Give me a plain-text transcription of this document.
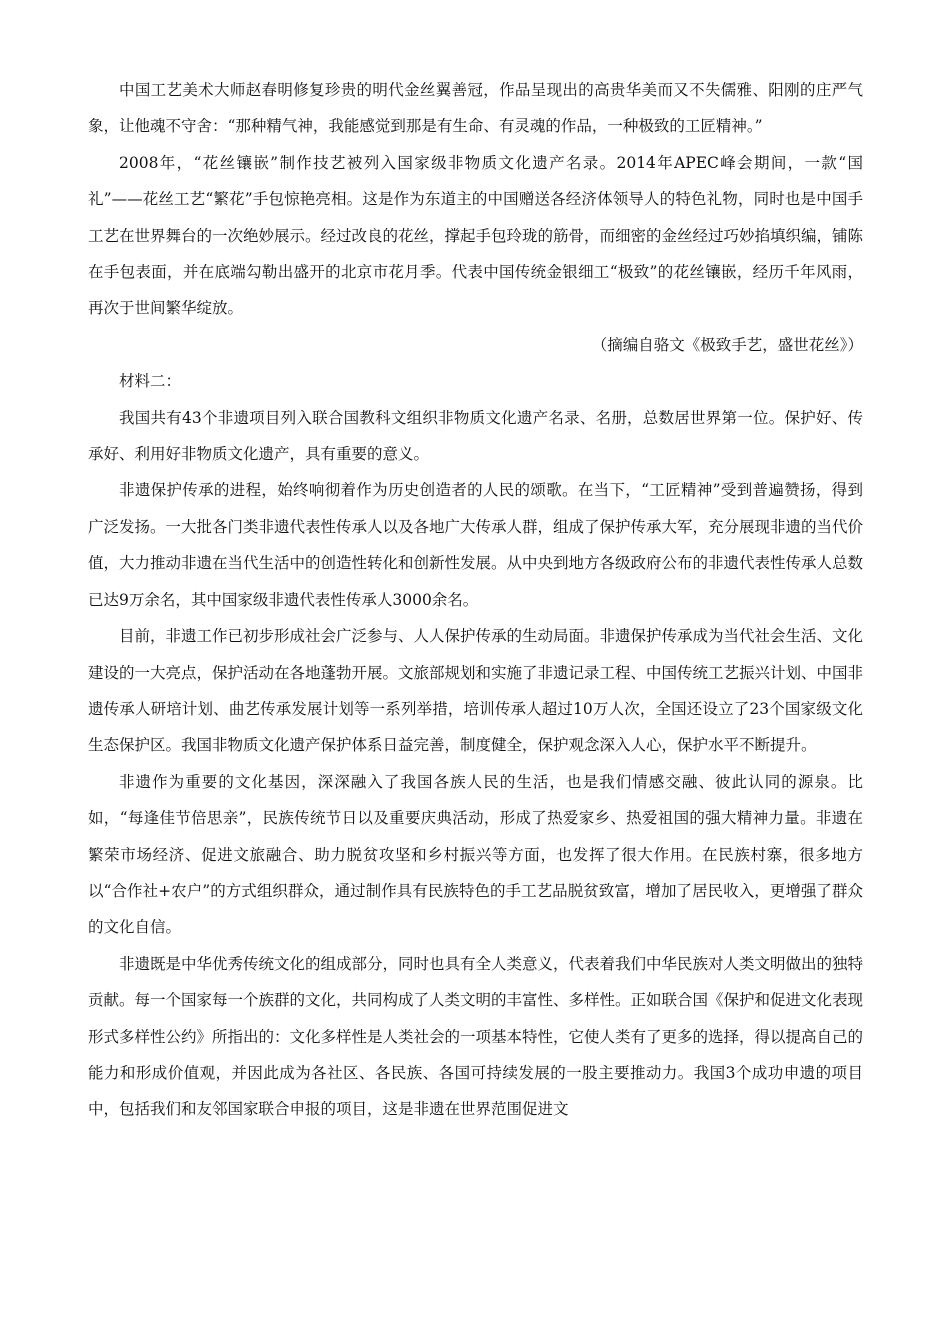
中国工艺美术大师赵春明修复珍贵的明代金丝翼善冠，作品呈现出的高贵华美而又不失儒雅、阳刚的庄严气象，让他魂不守舍：“那种精气神，我能感觉到那是有生命、有灵魂的作品，一种极致的工匠精神。”

2008年，“花丝镶嵌”制作技艺被列入国家级非物质文化遗产名录。2014年APEC峰会期间，一款“国礼”——花丝工艺“繁花”手包惊艳亮相。这是作为东道主的中国赠送各经济体领导人的特色礼物，同时也是中国手工艺在世界舞台的一次绝妙展示。经过改良的花丝，撑起手包玲珑的筋骨，而细密的金丝经过巧妙掐填织编，铺陈在手包表面，并在底端勾勒出盛开的北京市花月季。代表中国传统金银细工“极致”的花丝镶嵌，经历千年风雨，再次于世间繁华绽放。

（摘编自骆文《极致手艺，盛世花丝》）

材料二：

我国共有43个非遗项目列入联合国教科文组织非物质文化遗产名录、名册，总数居世界第一位。保护好、传承好、利用好非物质文化遗产，具有重要的意义。

非遗保护传承的进程，始终响彻着作为历史创造者的人民的颂歌。在当下，“工匠精神”受到普遍赞扬，得到广泛发扬。一大批各门类非遗代表性传承人以及各地广大传承人群，组成了保护传承大军，充分展现非遗的当代价值，大力推动非遗在当代生活中的创造性转化和创新性发展。从中央到地方各级政府公布的非遗代表性传承人总数已达9万余名，其中国家级非遗代表性传承人3000余名。

目前，非遗工作已初步形成社会广泛参与、人人保护传承的生动局面。非遗保护传承成为当代社会生活、文化建设的一大亮点，保护活动在各地蓬勃开展。文旅部规划和实施了非遗记录工程、中国传统工艺振兴计划、中国非遗传承人研培计划、曲艺传承发展计划等一系列举措，培训传承人超过10万人次，全国还设立了23个国家级文化生态保护区。我国非物质文化遗产保护体系日益完善，制度健全，保护观念深入人心，保护水平不断提升。

非遗作为重要的文化基因，深深融入了我国各族人民的生活，也是我们情感交融、彼此认同的源泉。比如，“每逢佳节倍思亲”，民族传统节日以及重要庆典活动，形成了热爱家乡、热爱祖国的强大精神力量。非遗在繁荣市场经济、促进文旅融合、助力脱贫攻坚和乡村振兴等方面，也发挥了很大作用。在民族村寨，很多地方以“合作社+农户”的方式组织群众，通过制作具有民族特色的手工艺品脱贫致富，增加了居民收入，更增强了群众的文化自信。

非遗既是中华优秀传统文化的组成部分，同时也具有全人类意义，代表着我们中华民族对人类文明做出的独特贡献。每一个国家每一个族群的文化，共同构成了人类文明的丰富性、多样性。正如联合国《保护和促进文化表现形式多样性公约》所指出的：文化多样性是人类社会的一项基本特性，它使人类有了更多的选择，得以提高自己的能力和形成价值观，并因此成为各社区、各民族、各国可持续发展的一股主要推动力。我国3个成功申遗的项目中，包括我们和友邻国家联合申报的项目，这是非遗在世界范围促进文
